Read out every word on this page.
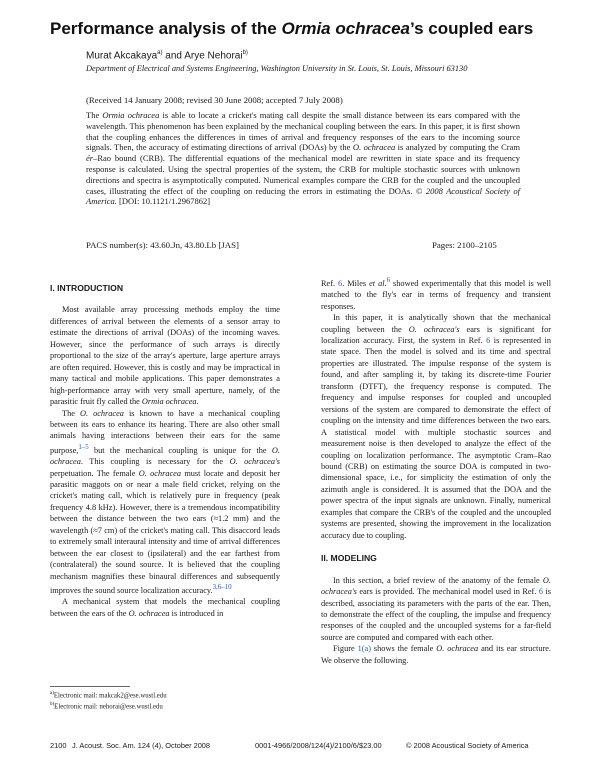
Performance analysis of the Ormia ochracea’s coupled ears
Murat Akcakaya$^{a)}$ and Arye Nehorai$^{b)}$

Department of Electrical and Systems Engineering, Washington University in St. Louis, St. Louis, Missouri 63130

(Received 14 January 2008; revised 30 June 2008; accepted 7 July 2008)

The Ormia ochracea is able to locate a cricket's mating call despite the small distance between its ears compared with the wavelength. This phenomenon has been explained by the mechanical coupling between the ears. In this paper, it is first shown that the coupling enhances the differences in times of arrival and frequency responses of the ears to the incoming source signals. Then, the accuracy of estimating directions of arrival (DOAs) by the O. ochracea is analyzed by computing the Cram ér–Rao bound (CRB). The differential equations of the mechanical model are rewritten in state space and its frequency response is calculated. Using the spectral properties of the system, the CRB for multiple stochastic sources with unknown directions and spectra is asymptotically computed. Numerical examples compare the CRB for the coupled and the uncoupled cases, illustrating the effect of the coupling on reducing the errors in estimating the DOAs. © 2008 Acoustical Society of America. [DOI: 10.1121/1.2967862]

PACS number(s): 43.60.Jn, 43.80.Lb [JAS]	Pages: 2100–2105
I. INTRODUCTION

Most available array processing methods employ the time differences of arrival between the elements of a sensor array to estimate the directions of arrival (DOAs) of the incoming waves. However, since the performance of such arrays is directly proportional to the size of the array's aperture, large aperture arrays are often required. However, this is costly and may be impractical in many tactical and mobile applications. This paper demonstrates a high-performance array with very small aperture, namely, of the parasitic fruit fly called the Ormia ochracea.

The O. ochracea is known to have a mechanical coupling between its ears to enhance its hearing. There are also other small animals having interactions between their ears for the same purpose,$^{1-5}$ but the mechanical coupling is unique for the O. ochracea. This coupling is necessary for the O. ochracea's perpetuation. The female O. ochracea must locate and deposit her parasitic maggots on or near a male field cricket, relying on the cricket's mating call, which is relatively pure in frequency (peak frequency 4.8 kHz). However, there is a tremendous incompatibility between the distance between the two ears (≈1.2 mm) and the wavelength (≈7 cm) of the cricket's mating call. This disaccord leads to extremely small interaural intensity and time of arrival differences between the ear closest to (ipsilateral) and the ear farthest from (contralateral) the sound source. It is believed that the coupling mechanism magnifies these binaural differences and subsequently improves the sound source localization accuracy.$^{3,6-10}$

A mechanical system that models the mechanical coupling between the ears of the O. ochracea is introduced in

Ref. 6. Miles et al.$^6$ showed experimentally that this model is well matched to the fly's ear in terms of frequency and transient responses.

In this paper, it is analytically shown that the mechanical coupling between the O. ochracea's ears is significant for localization accuracy. First, the system in Ref. 6 is represented in state space. Then the model is solved and its time and spectral properties are illustrated. The impulse response of the system is found, and after sampling it, by taking its discrete-time Fourier transform (DTFT), the frequency response is computed. The frequency and impulse responses for coupled and uncoupled versions of the system are compared to demonstrate the effect of coupling on the intensity and time differences between the two ears. A statistical model with multiple stochastic sources and measurement noise is then developed to analyze the effect of the coupling on localization performance. The asymptotic Cram–Rao bound (CRB) on estimating the source DOA is computed in two-dimensional space, i.e., for simplicity the estimation of only the azimuth angle is considered. It is assumed that the DOA and the power spectra of the input signals are unknown. Finally, numerical examples that compare the CRB's of the coupled and the uncoupled systems are presented, showing the improvement in the localization accuracy due to coupling.

II. MODELING

In this section, a brief review of the anatomy of the female O. ochracea's ears is provided. The mechanical model used in Ref. 6 is described, associating its parameters with the parts of the ear. Then, to demonstrate the effect of the coupling, the impulse and frequency responses of the coupled and the uncoupled systems for a far-field source are computed and compared with each other.

Figure 1(a) shows the female O. ochracea and its ear structure. We observe the following.

$^{a)}$Electronic mail: makcak2@ese.wustl.edu
$^{b)}$Electronic mail: nehorai@ese.wustl.edu
2100 J. Acoust. Soc. Am. 124 (4), October 2008	0001-4966/2008/124(4)/2100/6/$23.00	© 2008 Acoustical Society of America
